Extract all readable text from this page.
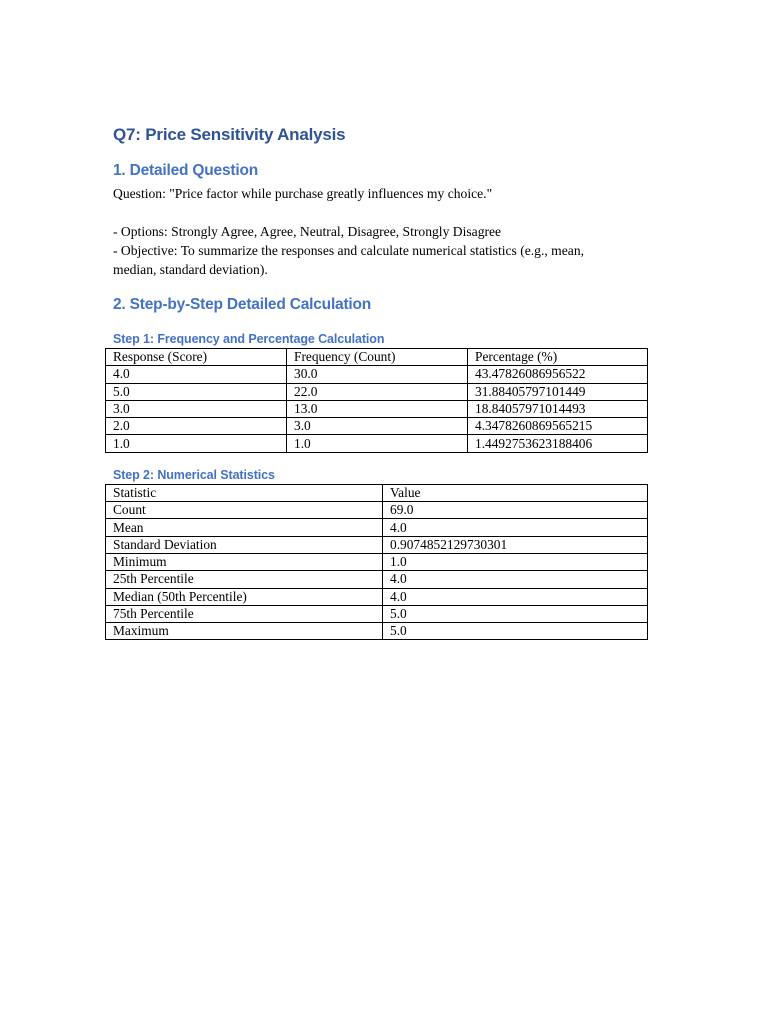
Q7: Price Sensitivity Analysis
1. Detailed Question

Question: "Price factor while purchase greatly influences my choice."

- Options: Strongly Agree, Agree, Neutral, Disagree, Strongly Disagree

- Objective: To summarize the responses and calculate numerical statistics (e.g., mean,

median, standard deviation).

2. Step-by-Step Detailed Calculation
Step 1: Frequency and Percentage Calculation
Response (Score)	Frequency (Count)	Percentage (%)
4.0	30.0	43.47826086956522
5.0	22.0	31.88405797101449
3.0	13.0	18.84057971014493
2.0	3.0	4.3478260869565215
1.0	1.0	1.4492753623188406
Step 2: Numerical Statistics
Statistic	Value
Count	69.0
Mean	4.0
Standard Deviation	0.9074852129730301
Minimum	1.0
25th Percentile	4.0
Median (50th Percentile)	4.0
75th Percentile	5.0
Maximum	5.0
